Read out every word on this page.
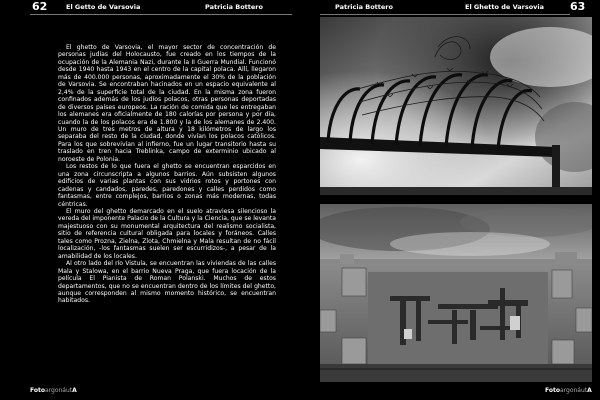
62	El Getto de Varsovia	Patricia Bottero	Patricia Bottero	El Ghetto de Varsovia 63

El ghetto de Varsovia, el mayor sector de concentración de personas judías del Holocausto, fue creado en los tiempos de la ocupación de la Alemania Nazi, durante la II Guerra Mundial. Funcionó desde 1940 hasta 1943 en el centro de la capital polaca. Allí, llegaron más de 400.000 personas, aproximadamente el 30% de la población de Varsovia. Se encontraban hacinados en un espacio equivalente al 2,4% de la superficie total de la ciudad. En la misma zona fueron confinados además de los judíos polacos, otras personas deportadas de diversos países europeos. La ración de comida que les entregaban los alemanes era oficialmente de 180 calorías por persona y por día, cuando la de los polacos era de 1.800 y la de los alemanes de 2.400. Un muro de tres metros de altura y 18 kilómetros de largo los separaba del resto de la ciudad, donde vivían los polacos católicos. Para los que sobrevivían al infierno, fue un lugar transitorio hasta su traslado en tren hacia Treblinka, campo de exterminio ubicado al noroeste de Polonia.

Los restos de lo que fuera el ghetto se encuentran esparcidos en una zona circunscripta a algunos barrios. Aún subsisten algunos edificios de varias plantas con sus vidrios rotos y portones con cadenas y candados, paredes, paredones y calles perdidos como fantasmas, entre complejos, barrios o zonas más modernas, todas céntricas.

El muro del ghetto demarcado en el suelo atraviesa silencioso la vereda del imponente Palacio de la Cultura y la Ciencia, que se levanta majestuoso con su monumental arquitectura del realismo socialista, sitio de referencia cultural obligada para locales y foráneos. Calles tales como Prozna, Zielna, Zlota, Chmielna y Mala resultan de no fácil localización, -los fantasmas suelen ser escurridizos-, a pesar de la amabilidad de los locales.

Al otro lado del río Vistula, se encuentran las viviendas de las calles Mala y Stalowa, en el barrio Nueva Praga, que fuera locación de la película El Pianista de Roman Polanski. Muchos de estos departamentos, que no se encuentran dentro de los límites del ghetto, aunque corresponden al mismo momento histórico, se encuentran habitados.

FotoargonáutA	FotoargonáutA
